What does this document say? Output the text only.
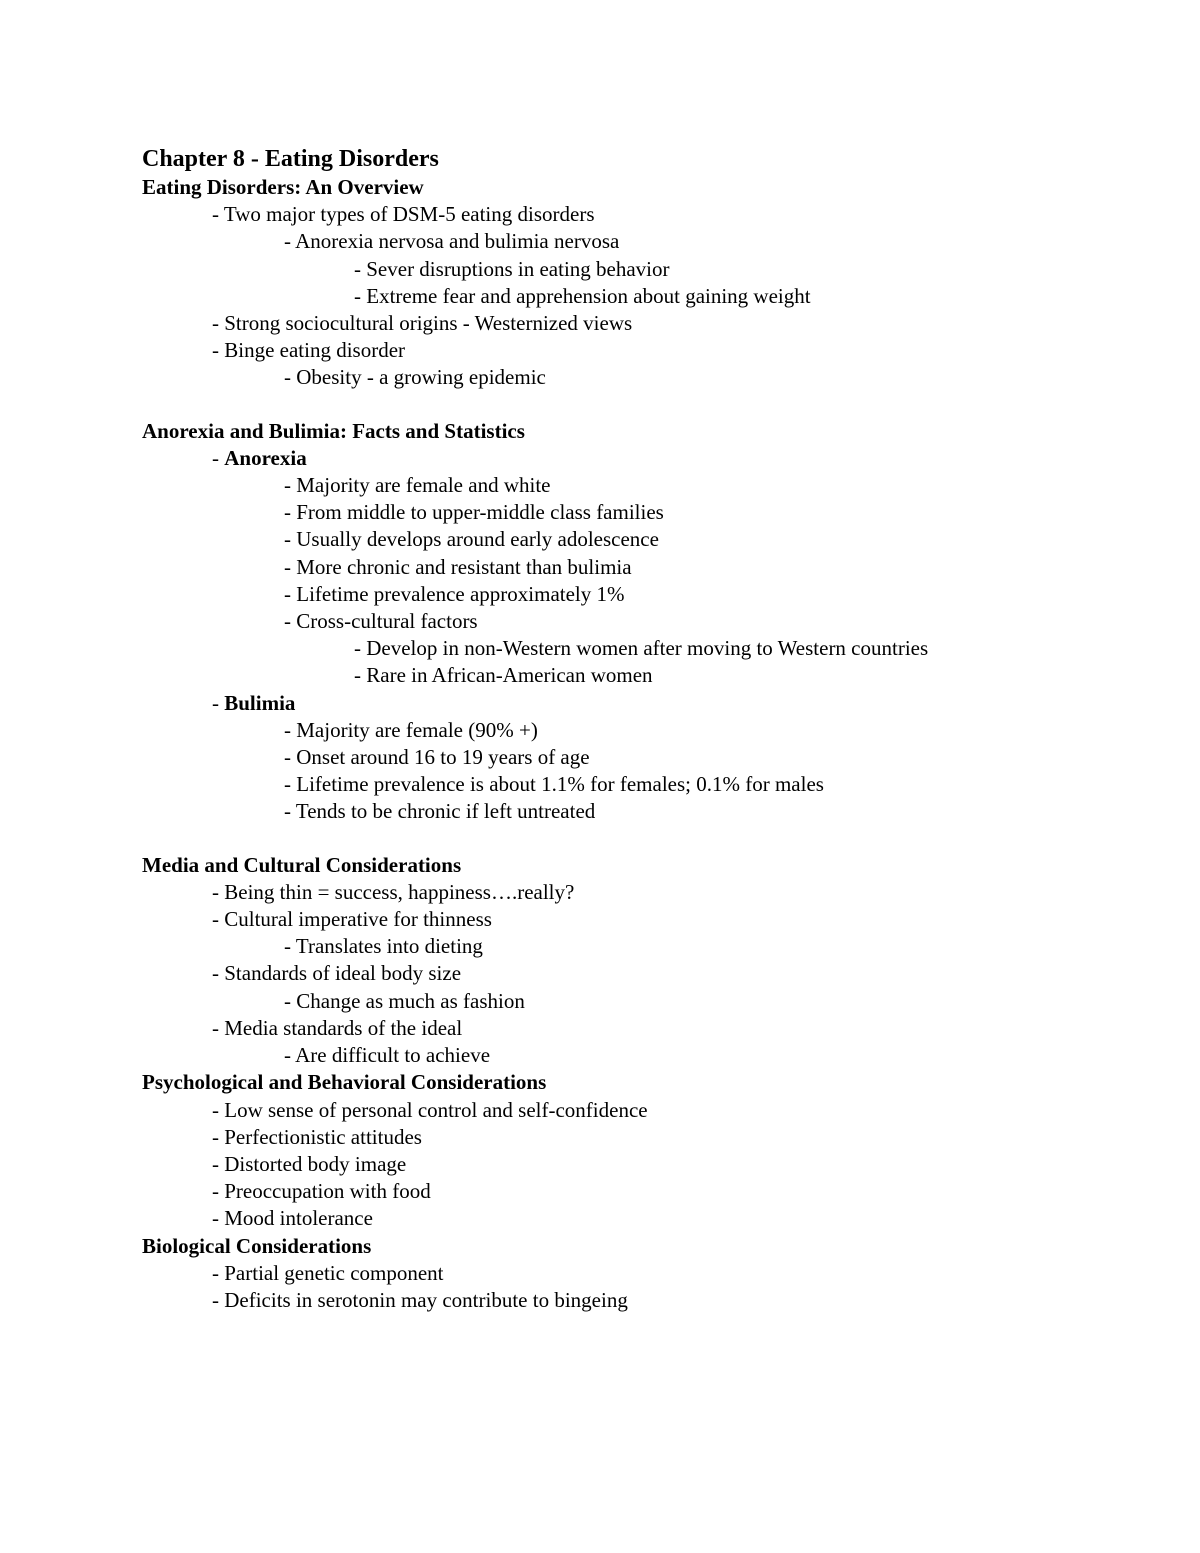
Chapter 8 - Eating Disorders

Eating Disorders: An Overview

- Two major types of DSM-5 eating disorders

- Anorexia nervosa and bulimia nervosa

- Sever disruptions in eating behavior

- Extreme fear and apprehension about gaining weight

- Strong sociocultural origins - Westernized views

- Binge eating disorder

- Obesity - a growing epidemic

Anorexia and Bulimia: Facts and Statistics

- Anorexia

- Majority are female and white

- From middle to upper-middle class families

- Usually develops around early adolescence

- More chronic and resistant than bulimia

- Lifetime prevalence approximately 1%

- Cross-cultural factors

- Develop in non-Western women after moving to Western countries

- Rare in African-American women

- Bulimia

- Majority are female (90% +)

- Onset around 16 to 19 years of age

- Lifetime prevalence is about 1.1% for females; 0.1% for males

- Tends to be chronic if left untreated

Media and Cultural Considerations

- Being thin = success, happiness….really?

- Cultural imperative for thinness

- Translates into dieting

- Standards of ideal body size

- Change as much as fashion

- Media standards of the ideal

- Are difficult to achieve

Psychological and Behavioral Considerations

- Low sense of personal control and self-confidence

- Perfectionistic attitudes

- Distorted body image

- Preoccupation with food

- Mood intolerance

Biological Considerations

- Partial genetic component

- Deficits in serotonin may contribute to bingeing
